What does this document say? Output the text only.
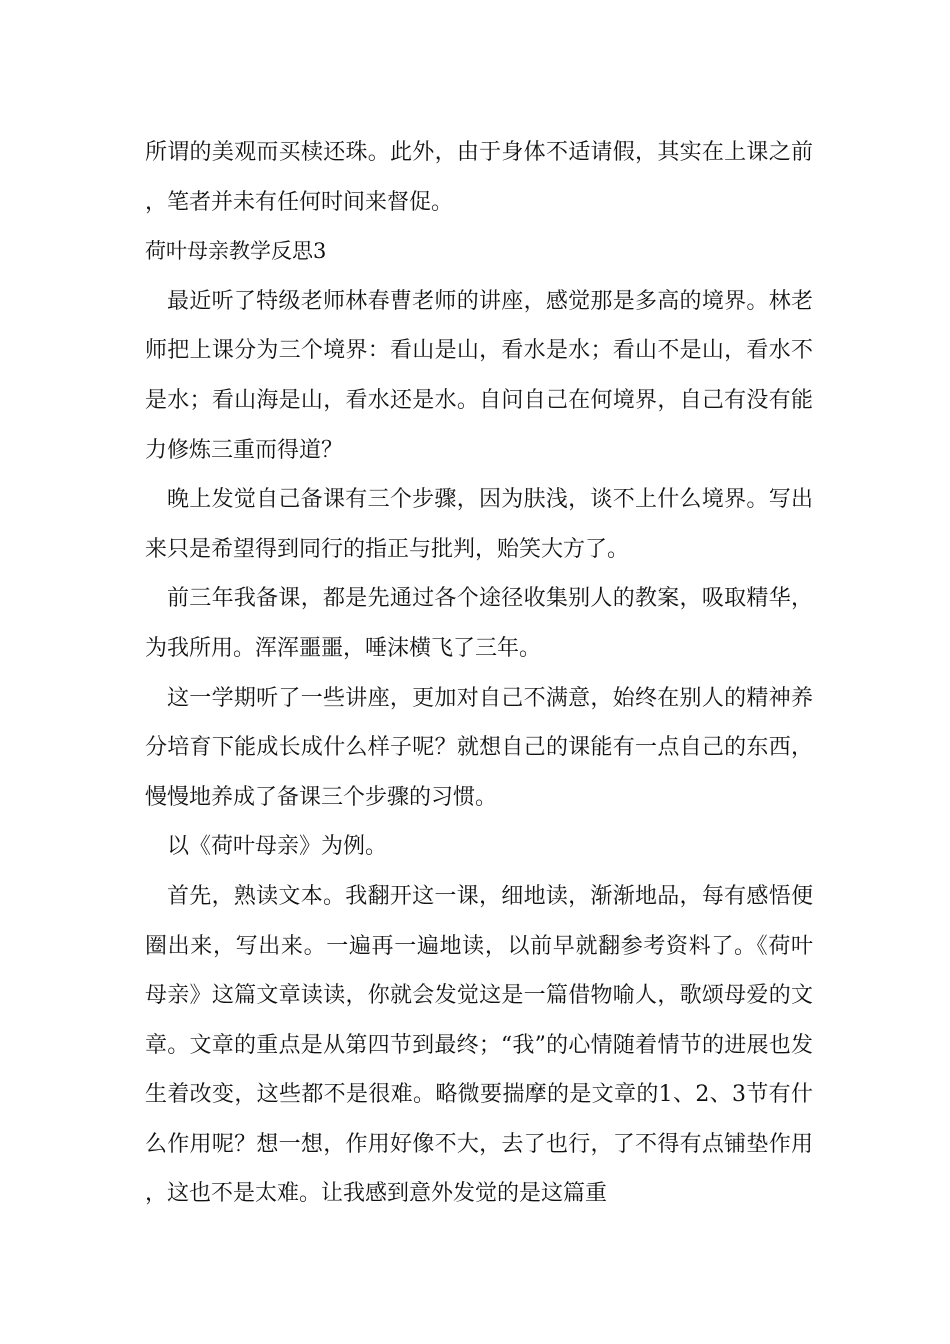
所谓的美观而买椟还珠。此外，由于身体不适请假，其实在上课之前，笔者并未有任何时间来督促。

荷叶母亲教学反思3

最近听了特级老师林春曹老师的讲座，感觉那是多高的境界。林老师把上课分为三个境界：看山是山，看水是水；看山不是山，看水不是水；看山海是山，看水还是水。自问自己在何境界，自己有没有能力修炼三重而得道？

晚上发觉自己备课有三个步骤，因为肤浅，谈不上什么境界。写出来只是希望得到同行的指正与批判，贻笑大方了。

前三年我备课，都是先通过各个途径收集别人的教案，吸取精华，为我所用。浑浑噩噩，唾沫横飞了三年。

这一学期听了一些讲座，更加对自己不满意，始终在别人的精神养分培育下能成长成什么样子呢？就想自己的课能有一点自己的东西，慢慢地养成了备课三个步骤的习惯。

以《荷叶母亲》为例。

首先，熟读文本。我翻开这一课，细地读，渐渐地品，每有感悟便圈出来，写出来。一遍再一遍地读，以前早就翻参考资料了。《荷叶母亲》这篇文章读读，你就会发觉这是一篇借物喻人，歌颂母爱的文章。文章的重点是从第四节到最终；“我”的心情随着情节的进展也发生着改变，这些都不是很难。略微要揣摩的是文章的1、2、3节有什么作用呢？想一想，作用好像不大，去了也行，了不得有点铺垫作用，这也不是太难。让我感到意外发觉的是这篇重
